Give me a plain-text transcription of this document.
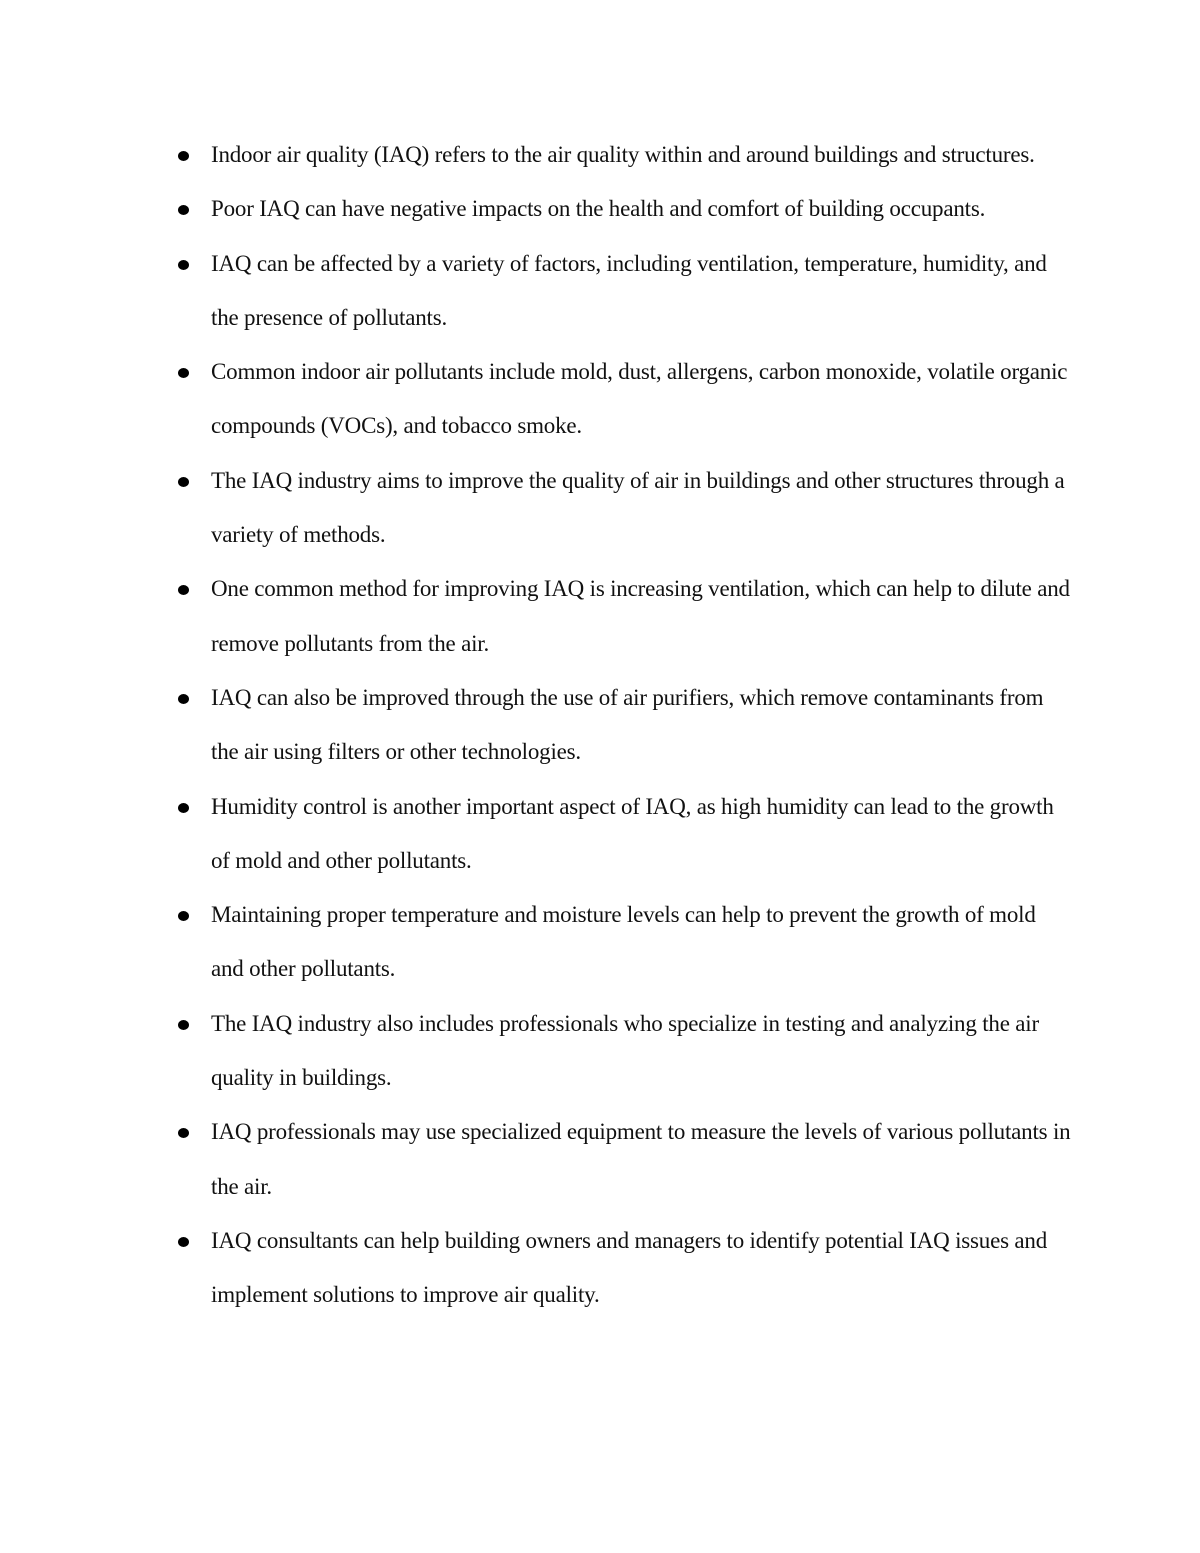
Indoor air quality (IAQ) refers to the air quality within and around buildings and structures.
Poor IAQ can have negative impacts on the health and comfort of building occupants.
IAQ can be affected by a variety of factors, including ventilation, temperature, humidity, and the presence of pollutants.
Common indoor air pollutants include mold, dust, allergens, carbon monoxide, volatile organic compounds (VOCs), and tobacco smoke.
The IAQ industry aims to improve the quality of air in buildings and other structures through a variety of methods.
One common method for improving IAQ is increasing ventilation, which can help to dilute and remove pollutants from the air.
IAQ can also be improved through the use of air purifiers, which remove contaminants from the air using filters or other technologies.
Humidity control is another important aspect of IAQ, as high humidity can lead to the growth of mold and other pollutants.
Maintaining proper temperature and moisture levels can help to prevent the growth of mold and other pollutants.
The IAQ industry also includes professionals who specialize in testing and analyzing the air quality in buildings.
IAQ professionals may use specialized equipment to measure the levels of various pollutants in the air.
IAQ consultants can help building owners and managers to identify potential IAQ issues and implement solutions to improve air quality.
